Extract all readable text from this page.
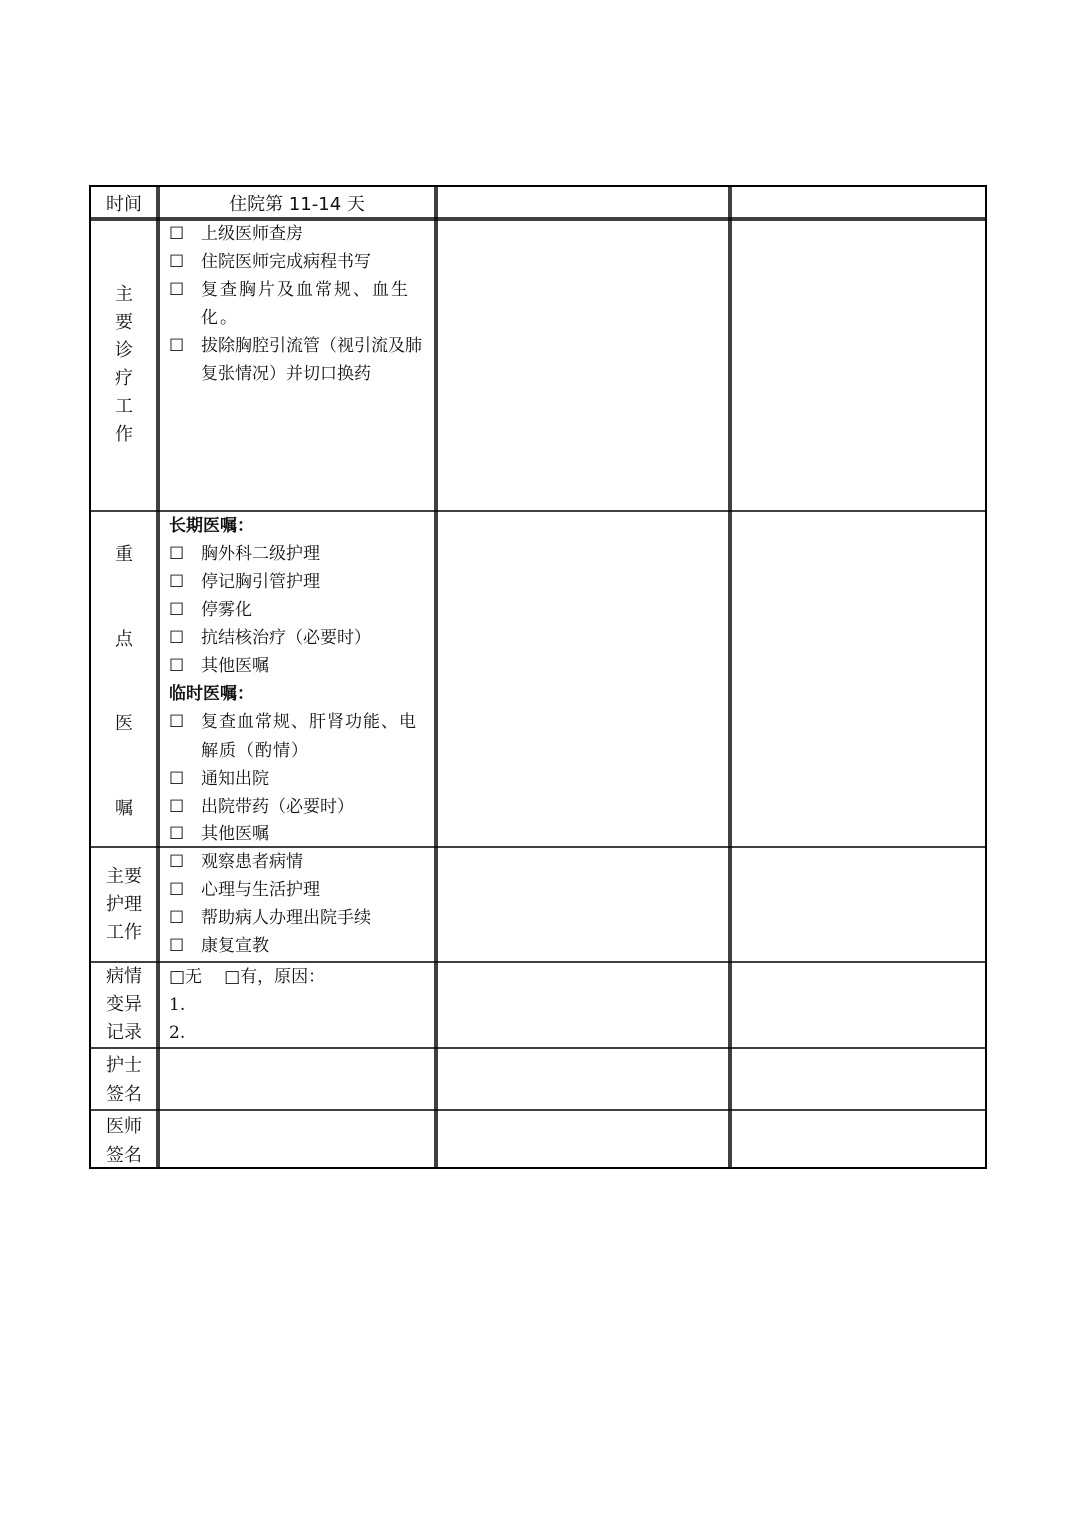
时间	住院第 11-14 天
主
要
诊
疗
工
作
☐ 上级医师查房
☐ 住院医师完成病程书写
☐ 复查胸片及血常规、血生化。
☐ 拔除胸腔引流管（视引流及肺复张情况）并切口换药
重
点
医
嘱
长期医嘱：
☐ 胸外科二级护理
☐ 停记胸引管护理
☐ 停雾化
☐ 抗结核治疗（必要时）
☐ 其他医嘱
临时医嘱：
☐ 复查血常规、肝肾功能、电解质（酌情）
☐ 通知出院
☐ 出院带药（必要时）
☐ 其他医嘱
主要
护理
工作
☐ 观察患者病情
☐ 心理与生活护理
☐ 帮助病人办理出院手续
☐ 康复宣教
病情
变异
记录
□无 □有，原因：
1.
2.
护士
签名
医师
签名
